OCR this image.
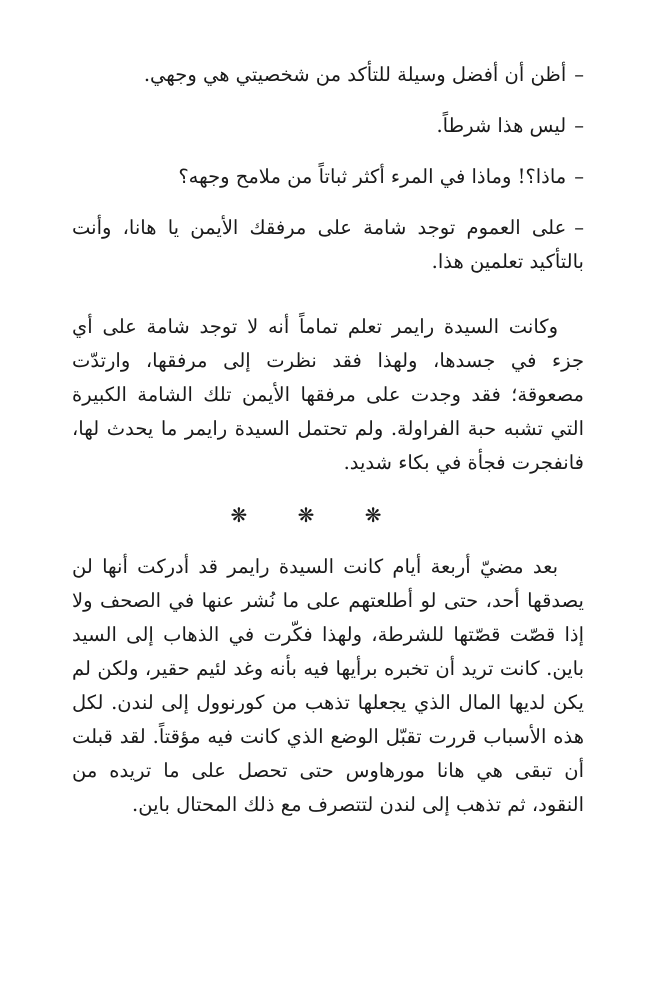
–أظن أن أفضل وسيلة للتأكد من شخصيتي هي وجهي.

–ليس هذا شرطاً.

–ماذا؟! وماذا في المرء أكثر ثباتاً من ملامح وجهه؟

–على العموم توجد شامة على مرفقك الأيمن يا هانا، وأنت بالتأكيد تعلمين هذا.

وكانت السيدة رايمر تعلم تماماً أنه لا توجد شامة على أي جزء في جسدها، ولهذا فقد نظرت إلى مرفقها، وارتدّت مصعوقة؛ فقد وجدت على مرفقها الأيمن تلك الشامة الكبيرة التي تشبه حبة الفراولة. ولم تحتمل السيدة رايمر ما يحدث لها، فانفجرت فجأة في بكاء شديد.

❋ ❋ ❋

بعد مضيّ أربعة أيام كانت السيدة رايمر قد أدركت أنها لن يصدقها أحد، حتى لو أطلعتهم على ما نُشر عنها في الصحف ولا إذا قصّت قصّتها للشرطة، ولهذا فكّرت في الذهاب إلى السيد باين. كانت تريد أن تخبره برأيها فيه بأنه وغد لئيم حقير، ولكن لم يكن لديها المال الذي يجعلها تذهب من كورنوول إلى لندن. لكل هذه الأسباب قررت تقبّل الوضع الذي كانت فيه مؤقتاً. لقد قبلت أن تبقى هي هانا مورهاوس حتى تحصل على ما تريده من النقود، ثم تذهب إلى لندن لتتصرف مع ذلك المحتال باين.
